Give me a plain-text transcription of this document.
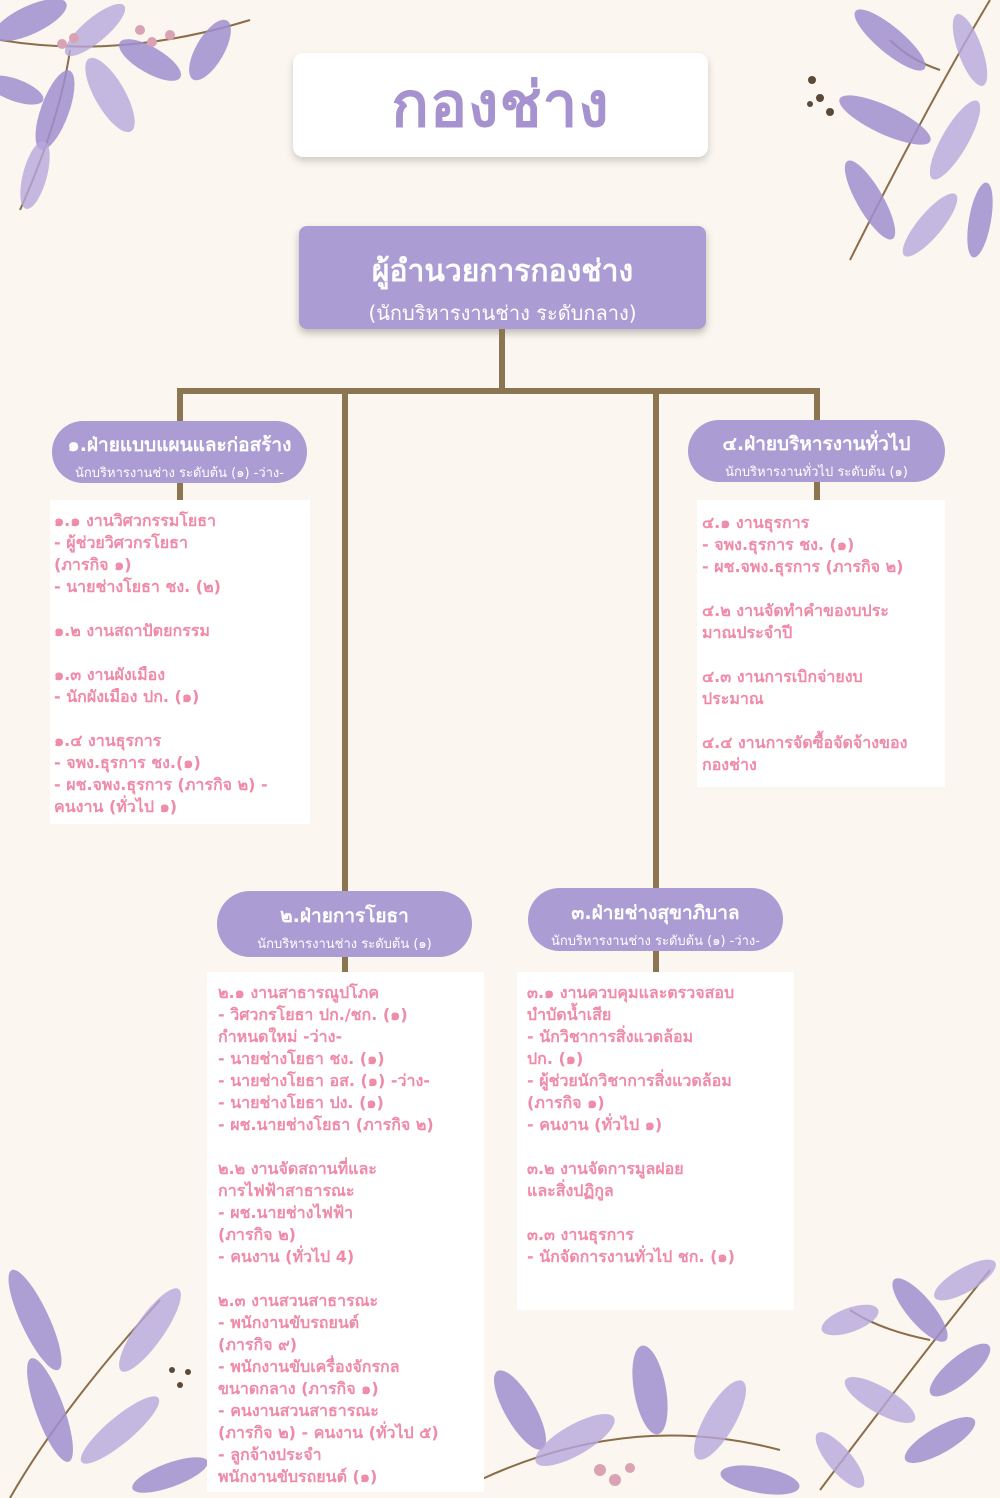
กองช่าง
ผู้อำนวยการกองช่าง
(นักบริหารงานช่าง ระดับกลาง)
๑.ฝ่ายแบบแผนและก่อสร้าง
นักบริหารงานช่าง ระดับต้น (๑) -ว่าง-
๑.๑ งานวิศวกรรมโยธา
- ผู้ช่วยวิศวกรโยธา
(ภารกิจ ๑)
- นายช่างโยธา ชง. (๒)
๑.๒ งานสถาปัตยกรรม
๑.๓ งานผังเมือง
- นักผังเมือง ปก. (๑)
๑.๔ งานธุรการ
- จพง.ธุรการ ชง.(๑)
- ผช.จพง.ธุรการ (ภารกิจ ๒) -
คนงาน (ทั่วไป ๑)
๔.ฝ่ายบริหารงานทั่วไป
นักบริหารงานทั่วไป ระดับต้น (๑)
๔.๑ งานธุรการ
- จพง.ธุรการ ชง. (๑)
- ผช.จพง.ธุรการ (ภารกิจ ๒)
๔.๒ งานจัดทำคำของบประ
มาณประจำปี
๔.๓ งานการเบิกจ่ายงบ
ประมาณ
๔.๔ งานการจัดซื้อจัดจ้างของ
กองช่าง
๒.ฝ่ายการโยธา
นักบริหารงานช่าง ระดับต้น (๑)
๒.๑ งานสาธารณูปโภค
- วิศวกรโยธา ปก./ชก. (๑)
กำหนดใหม่ -ว่าง-
- นายช่างโยธา ชง. (๑)
- นายช่างโยธา อส. (๑) -ว่าง-
- นายช่างโยธา ปง. (๑)
- ผช.นายช่างโยธา (ภารกิจ ๒)
๒.๒ งานจัดสถานที่และ
การไฟฟ้าสาธารณะ
- ผช.นายช่างไฟฟ้า
(ภารกิจ ๒)
- คนงาน (ทั่วไป 4)
๒.๓ งานสวนสาธารณะ
- พนักงานขับรถยนต์
(ภารกิจ ๙)
- พนักงานขับเครื่องจักรกล
ขนาดกลาง (ภารกิจ ๑)
- คนงานสวนสาธารณะ
(ภารกิจ ๒) - คนงาน (ทั่วไป ๕)
- ลูกจ้างประจำ
พนักงานขับรถยนต์ (๑)
๓.ฝ่ายช่างสุขาภิบาล
นักบริหารงานช่าง ระดับต้น (๑) -ว่าง-
๓.๑ งานควบคุมและตรวจสอบ
บำบัดน้ำเสีย
- นักวิชาการสิ่งแวดล้อม
ปก. (๑)
- ผู้ช่วยนักวิชาการสิ่งแวดล้อม
(ภารกิจ ๑)
- คนงาน (ทั่วไป ๑)
๓.๒ งานจัดการมูลฝอย
และสิ่งปฏิกูล
๓.๓ งานธุรการ
- นักจัดการงานทั่วไป ชก. (๑)
